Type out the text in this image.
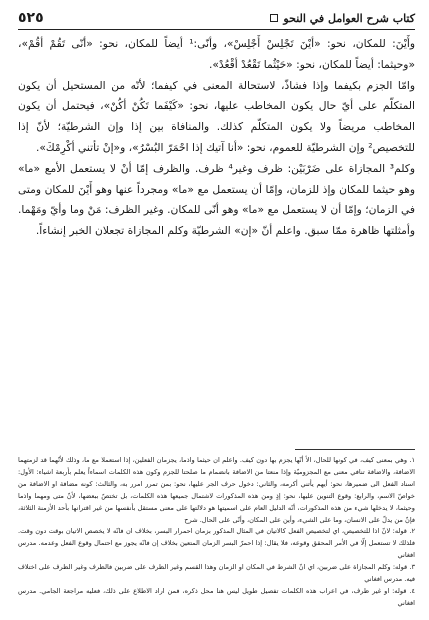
كتاب شرح العوامل في النحو
٥٢٥

وأَيْنَ: للمكان، نحو: «أيْنَ تَجْلِسْ أَجْلِسْ»، وأنّى:¹ أيضاً للمكان، نحو: «أنّى تَقُمْ أقُمْ»، «وحيثما: أيضاً للمكان، نحو: «حَيْثُما تَقْعُدْ أقْعُدْ».

وامّا الجزم بكيفما وإذا فشاذّ، لاستحالة المعنى في كيفما؛ لأنّه من المستحيل أن يكون المتكلّم على أيّ حال يكون المخاطب عليها، نحو: «كَيْفَما تَكُنْ أكُنْ»، فيحتمل أن يكون المخاطب مريضاً ولا يكون المتكلّم كذلك. والمنافاة بين إذا وإن الشرطيّة؛ لأنّ إذا للتخصيص² وإن الشرطيّة للعموم، نحو: «أنا آتيك إذا احْمَرّ البُسْرُ»، و«إنْ تأتني أكْرِمْكَ».

وكلم³ المجازاة على ضَرْبَيْن: ظرف وغير⁴ ظرف. والظرف إمّا أنْ لا يستعمل الأمع «ما» وهو حيثما للمكان وإذ للزمان، وإمّا أن يستعمل مع «ما» ومجرداً عنها وهو أَيْنَ للمكان ومتى في الزمان؛ وإمّا أن لا يستعمل مع «ما» وهو أنّى للمكان. وغير الظرف: مَنْ وما وأيّ ومَهْما. وأمثلتها ظاهرة ممّا سبق. واعلم أنّ «إن» الشرطيّة وكلم المجازاة تجعلان الخبر إنشاءاً.

١. وهي بمعنى كيف، في كونها للحال، الأ أنّها يجزم بها دون كيف. واعلم ان حيثما واذما، يجزمان الفعلين، إذا استعملا مع ما، وذلك لأنّهما قد لزمتهما الاضافة، والاضافة تنافي معنى مع المجزوميّة وإذا منعتا من الاضافة بانضمام ما صلحتا للجزم وكون هذه الكلمات اسماءاً يعلم بأربعة اشياء: الأول: اسناد الفعل الى ضميرها، نحو: أيهم يأتني أكرمه، والثاني: دخول حرف الجر عليها، نحو: بمن تمرر امرر به، والثالث: كونه مضافة او الاضافة من خواصّ الاسم، والرابع: وقوع التنوين عليها، نحو: إذٍ ومن هذه المذكورات لاشتمال جميعها هذه الكلمات، بل تختصّ ببعضها، لأنّ متى ومهما واذما وحيثما، لا يدخلها شيء من هذه المذكورات، أنّه الدليل العام على اسميتها هو دلالتها على معنى مستقل بأنفسها من غير اقترانها بأحد الأزمنة الثلاثة، فإنّ من يدلّ على الانسان، وما على الشيء، وأين على المكان، وأنّى على الحال. شرح

٢. قوله: لانّ اذا للتخصيص، اي لتخصيص الفعل كالاتيان في المثال المذكور بزمان احمرار البسر، بخلاف ان فانّه لا يخصص الاتيان بوقت دون وقت. فلذلك لا تستعمل إلّا في الأمر المحقق وقوعه، فلا يقال: إذا احمرّ البسر الزمان المتعين بخلاف إن فانّه يجوز مع احتمال وقوع الفعل وعدمه. مدرس افغاني

٣. قوله: وكلم المجازاة على ضربين، اي انّ الشرط في المكان او الزمان وهذا القسم وغير الظرف على ضربين فالظرف وغير الظرف على اختلاف فيه. مدرس افغاني

٤. قوله: او غير ظرف، في اعراب هذه الكلمات تفصيل طويل ليس هنا محل ذكره، فمن اراد الاطلاع على ذلك، فعليه مراجعة الجامي. مدرس افغاني
